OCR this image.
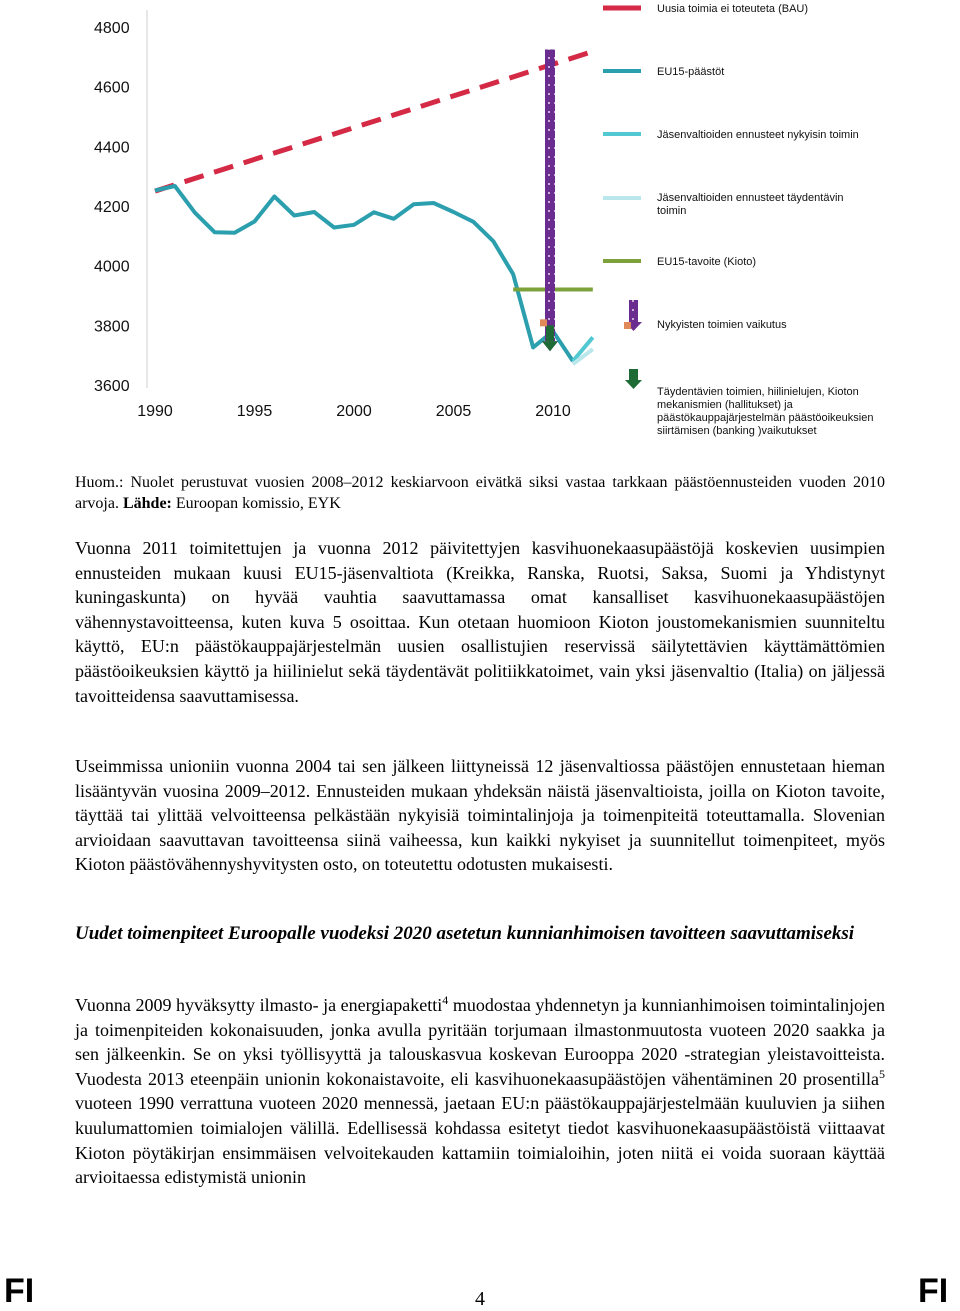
4800
4600
4400
4200
4000
3800
3600
1990	1995	2000	2005	2010
Uusia toimia ei toteuteta (BAU)
EU15-päästöt
Jäsenvaltioiden ennusteet nykyisin toimin
Jäsenvaltioiden ennusteet täydentävin toimin
EU15-tavoite (Kioto)
Nykyisten toimien vaikutus
Täydentävien toimien, hiilinielujen, Kioton mekanismien (hallitukset) ja päästökauppajärjestelmän päästöoikeuksien siirtämisen (banking )vaikutukset
Huom.: Nuolet perustuvat vuosien 2008–2012 keskiarvoon eivätkä siksi vastaa tarkkaan päästöennusteiden vuoden 2010 arvoja. Lähde: Euroopan komissio, EYK

Vuonna 2011 toimitettujen ja vuonna 2012 päivitettyjen kasvihuonekaasupäästöjä koskevien uusimpien ennusteiden mukaan kuusi EU15-jäsenvaltiota (Kreikka, Ranska, Ruotsi, Saksa, Suomi ja Yhdistynyt kuningaskunta) on hyvää vauhtia saavuttamassa omat kansalliset kasvihuonekaasupäästöjen vähennystavoitteensa, kuten kuva 5 osoittaa. Kun otetaan huomioon Kioton joustomekanismien suunniteltu käyttö, EU:n päästökauppajärjestelmän uusien osallistujien reservissä säilytettävien käyttämättömien päästöoikeuksien käyttö ja hiilinielut sekä täydentävät politiikkatoimet, vain yksi jäsenvaltio (Italia) on jäljessä tavoitteidensa saavuttamisessa.

Useimmissa unioniin vuonna 2004 tai sen jälkeen liittyneissä 12 jäsenvaltiossa päästöjen ennustetaan hieman lisääntyvän vuosina 2009–2012. Ennusteiden mukaan yhdeksän näistä jäsenvaltioista, joilla on Kioton tavoite, täyttää tai ylittää velvoitteensa pelkästään nykyisiä toimintalinjoja ja toimenpiteitä toteuttamalla. Slovenian arvioidaan saavuttavan tavoitteensa siinä vaiheessa, kun kaikki nykyiset ja suunnitellut toimenpiteet, myös Kioton päästövähennyshyvitysten osto, on toteutettu odotusten mukaisesti.

Uudet toimenpiteet Euroopalle vuodeksi 2020 asetetun kunnianhimoisen tavoitteen saavuttamiseksi

Vuonna 2009 hyväksytty ilmasto- ja energiapaketti$^4$ muodostaa yhdennetyn ja kunnianhimoisen toimintalinjojen ja toimenpiteiden kokonaisuuden, jonka avulla pyritään torjumaan ilmastonmuutosta vuoteen 2020 saakka ja sen jälkeenkin. Se on yksi työllisyyttä ja talouskasvua koskevan Eurooppa 2020 -strategian yleistavoitteista. Vuodesta 2013 eteenpäin unionin kokonaistavoite, eli kasvihuonekaasupäästöjen vähentäminen 20 prosentilla$^5$ vuoteen 1990 verrattuna vuoteen 2020 mennessä, jaetaan EU:n päästökauppajärjestelmään kuuluvien ja siihen kuulumattomien toimialojen välillä. Edellisessä kohdassa esitetyt tiedot kasvihuonekaasupäästöistä viittaavat Kioton pöytäkirjan ensimmäisen velvoitekauden kattamiin toimialoihin, joten niitä ei voida suoraan käyttää arvioitaessa edistymistä unionin

FI	FI
4
